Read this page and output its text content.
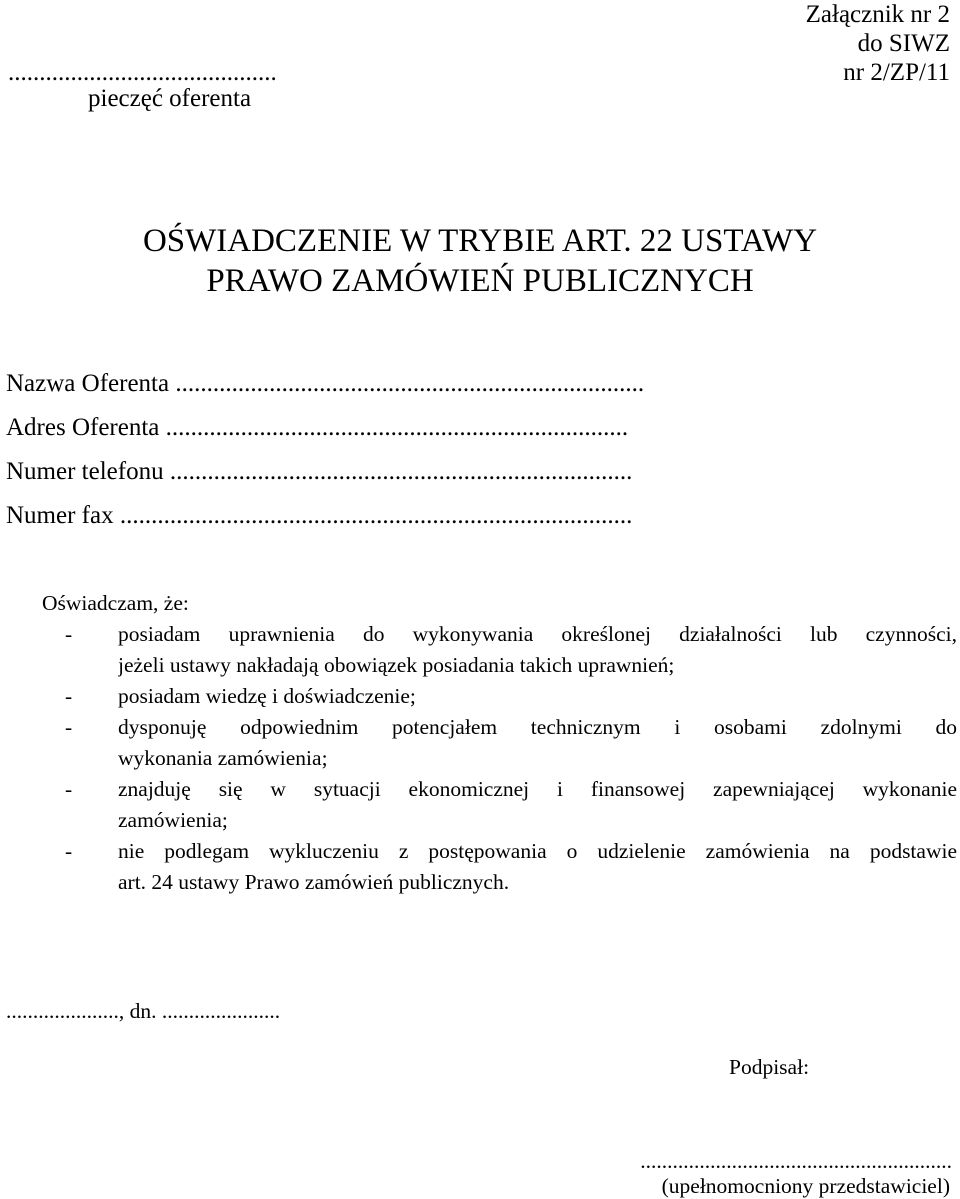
Załącznik nr 2
do SIWZ
nr 2/ZP/11
...........................................
pieczęć oferenta
OŚWIADCZENIE W TRYBIE ART. 22 USTAWY
PRAWO ZAMÓWIEŃ PUBLICZNYCH
Nazwa Oferenta ...........................................................................
Adres Oferenta ..........................................................................
Numer telefonu ..........................................................................
Numer fax ..................................................................................
Oświadczam, że:
- posiadam uprawnienia do wykonywania określonej działalności lub czynności,
jeżeli ustawy nakładają obowiązek posiadania takich uprawnień;
- posiadam wiedzę i doświadczenie;
- dysponuję odpowiednim potencjałem technicznym i osobami zdolnymi do
wykonania zamówienia;
- znajduję się w sytuacji ekonomicznej i finansowej zapewniającej wykonanie
zamówienia;
- nie podlegam wykluczeniu z postępowania o udzielenie zamówienia na podstawie
art. 24 ustawy Prawo zamówień publicznych.
....................., dn. ......................
Podpisał:
..........................................................
(upełnomocniony przedstawiciel)
